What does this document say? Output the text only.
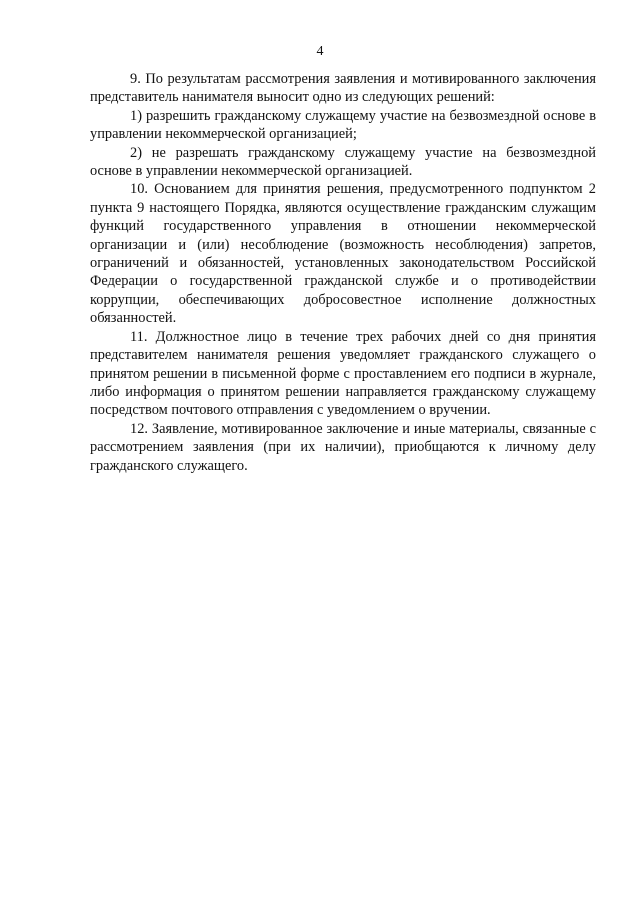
4

9. По результатам рассмотрения заявления и мотивированного заключения представитель нанимателя выносит одно из следующих решений:

1) разрешить гражданскому служащему участие на безвозмездной основе в управлении некоммерческой организацией;

2) не разрешать гражданскому служащему участие на безвозмездной основе в управлении некоммерческой организацией.

10. Основанием для принятия решения, предусмотренного подпунктом 2 пункта 9 настоящего Порядка, являются осуществление гражданским служащим функций государственного управления в отношении некоммерческой организации и (или) несоблюдение (возможность несоблюдения) запретов, ограничений и обязанностей, установленных законодательством Российской Федерации о государственной гражданской службе и о противодействии коррупции, обеспечивающих добросовестное исполнение должностных обязанностей.

11. Должностное лицо в течение трех рабочих дней со дня принятия представителем нанимателя решения уведомляет гражданского служащего о принятом решении в письменной форме с проставлением его подписи в журнале, либо информация о принятом решении направляется гражданскому служащему посредством почтового отправления с уведомлением о вручении.

12. Заявление, мотивированное заключение и иные материалы, связанные с рассмотрением заявления (при их наличии), приобщаются к личному делу гражданского служащего.
